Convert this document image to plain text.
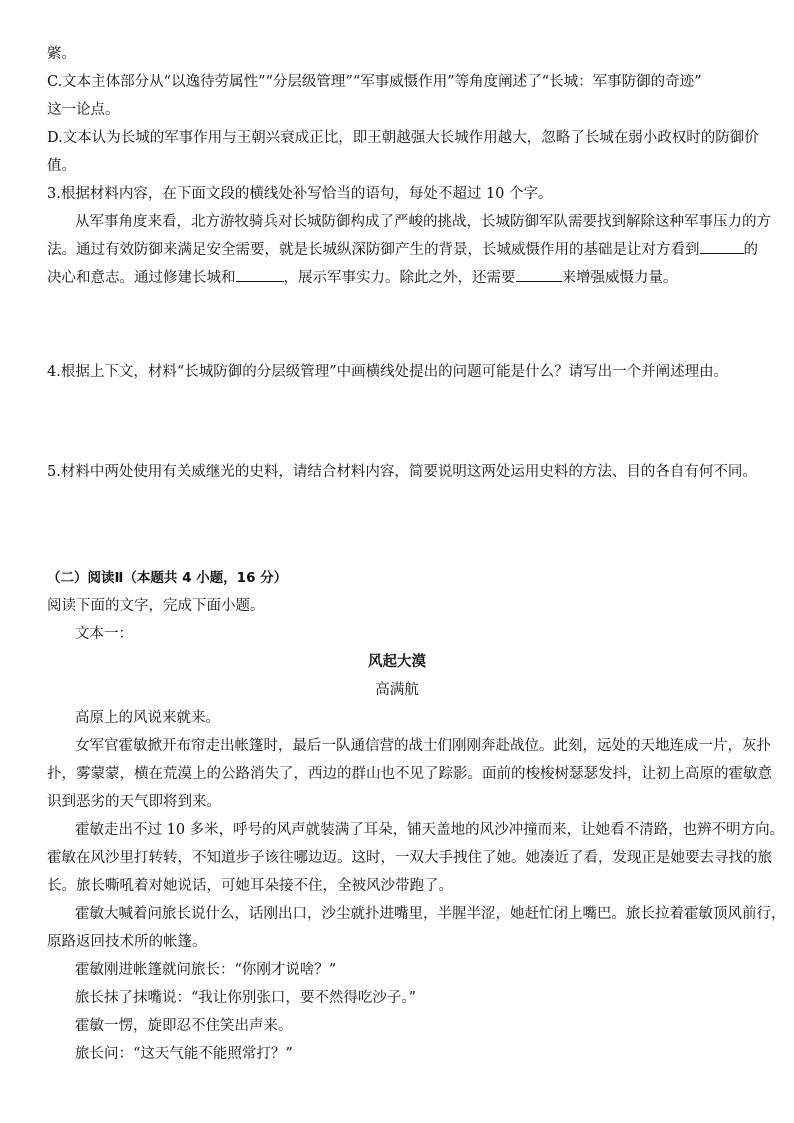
綮。
C.文本主体部分从“以逸待劳属性”“分层级管理”“军事威慑作用”等角度阐述了“长城：军事防御的奇迹”
这一论点。
D.文本认为长城的军事作用与王朝兴衰成正比，即王朝越强大长城作用越大，忽略了长城在弱小政权时的防御价
值。
3.根据材料内容，在下面文段的横线处补写恰当的语句，每处不超过 10 个字。
从军事角度来看，北方游牧骑兵对长城防御构成了严峻的挑战，长城防御军队需要找到解除这种军事压力的方
法。通过有效防御来满足安全需要，就是长城纵深防御产生的背景，长城威慑作用的基础是让对方看到	的
决心和意志。通过修建长城和	，展示军事实力。除此之外，还需要	来增强威慑力量。
4.根据上下文，材料“长城防御的分层级管理”中画横线处提出的问题可能是什么？请写出一个并阐述理由。
5.材料中两处使用有关威继光的史料，请结合材料内容，简要说明这两处运用史料的方法、目的各自有何不同。
（二）阅读Ⅱ（本题共 4 小题，16 分）
阅读下面的文字，完成下面小题。
文本一：
风起大漠
高满航
高原上的风说来就来。
女军官霍敏掀开布帘走出帐篷时，最后一队通信营的战士们刚刚奔赴战位。此刻，远处的天地连成一片，灰扑
扑，雾蒙蒙，横在荒漠上的公路消失了，西边的群山也不见了踪影。面前的梭梭树瑟瑟发抖，让初上高原的霍敏意
识到恶劣的天气即将到来。
霍敏走出不过 10 多米，呼号的风声就装满了耳朵，铺天盖地的风沙冲撞而来，让她看不清路，也辨不明方向。
霍敏在风沙里打转转，不知道步子该往哪边迈。这时，一双大手拽住了她。她凑近了看，发现正是她要去寻找的旅
长。旅长嘶吼着对她说话，可她耳朵接不住，全被风沙带跑了。
霍敏大喊着问旅长说什么，话刚出口，沙尘就扑进嘴里，半腥半涩，她赶忙闭上嘴巴。旅长拉着霍敏顶风前行，
原路返回技术所的帐篷。
霍敏刚进帐篷就问旅长：“你刚才说啥？”
旅长抹了抹嘴说：“我让你别张口，要不然得吃沙子。”
霍敏一愣，旋即忍不住笑出声来。
旅长问：“这天气能不能照常打？”
